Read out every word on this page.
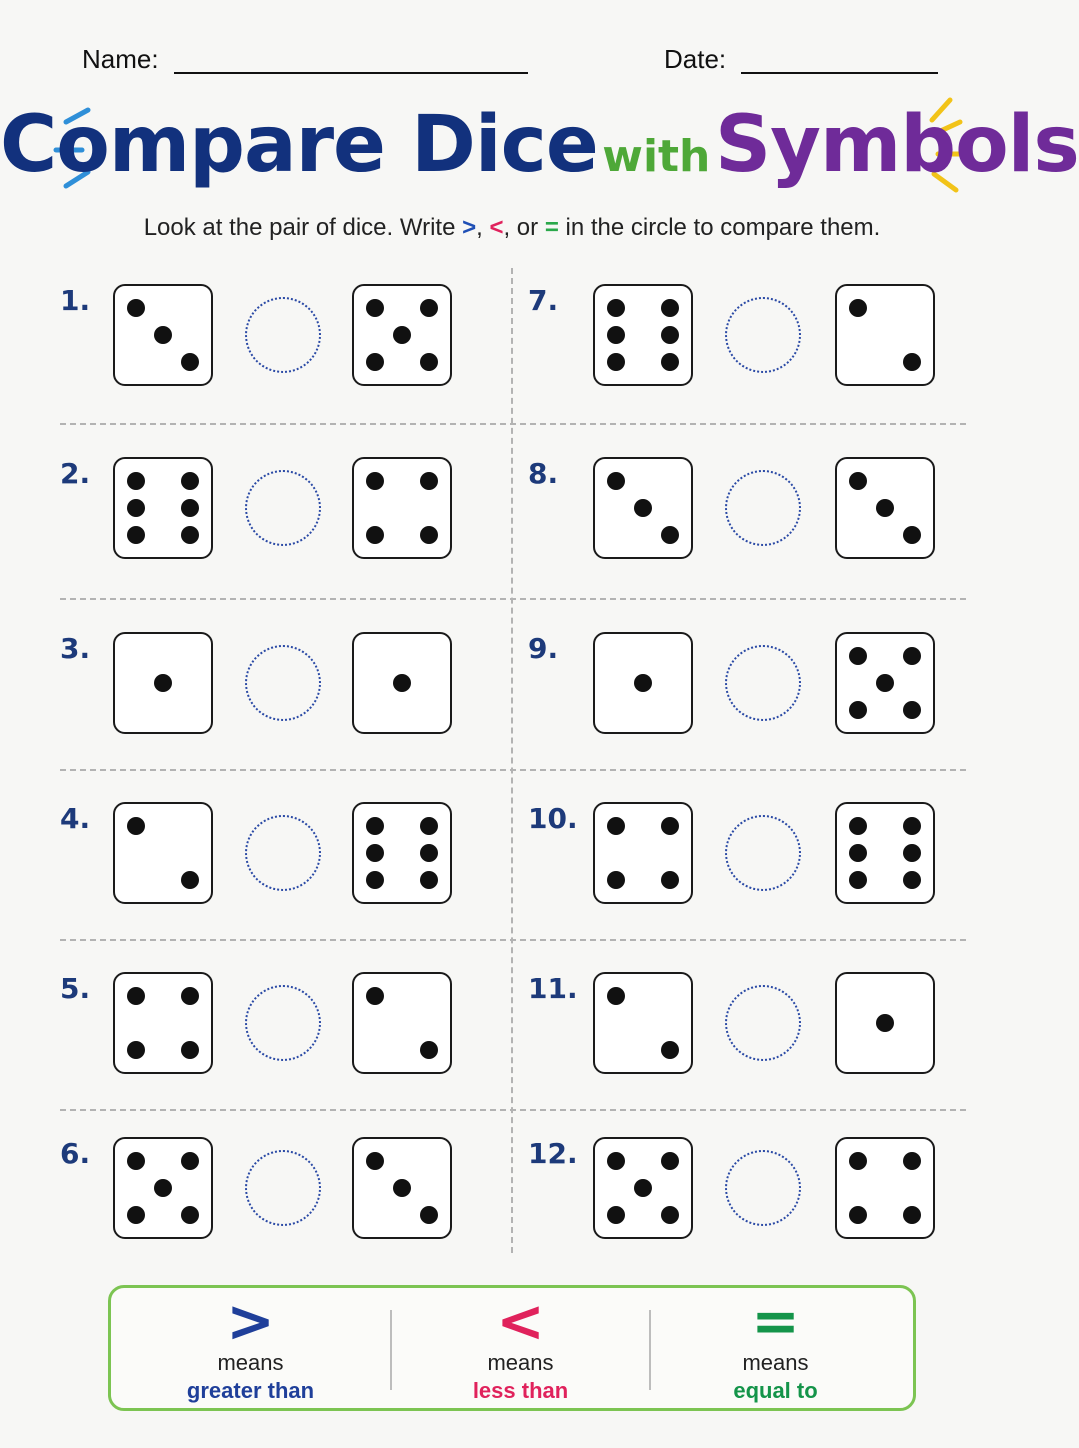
Name:	Date:
Compare Dice with Symbols
Look at the pair of dice. Write >, <, or = in the circle to compare them.
1.
2.
3.
4.
5.
6.
7.
8.
9.
10.
11.
12.
>
means
greater than
<
means
less than
=
means
equal to
